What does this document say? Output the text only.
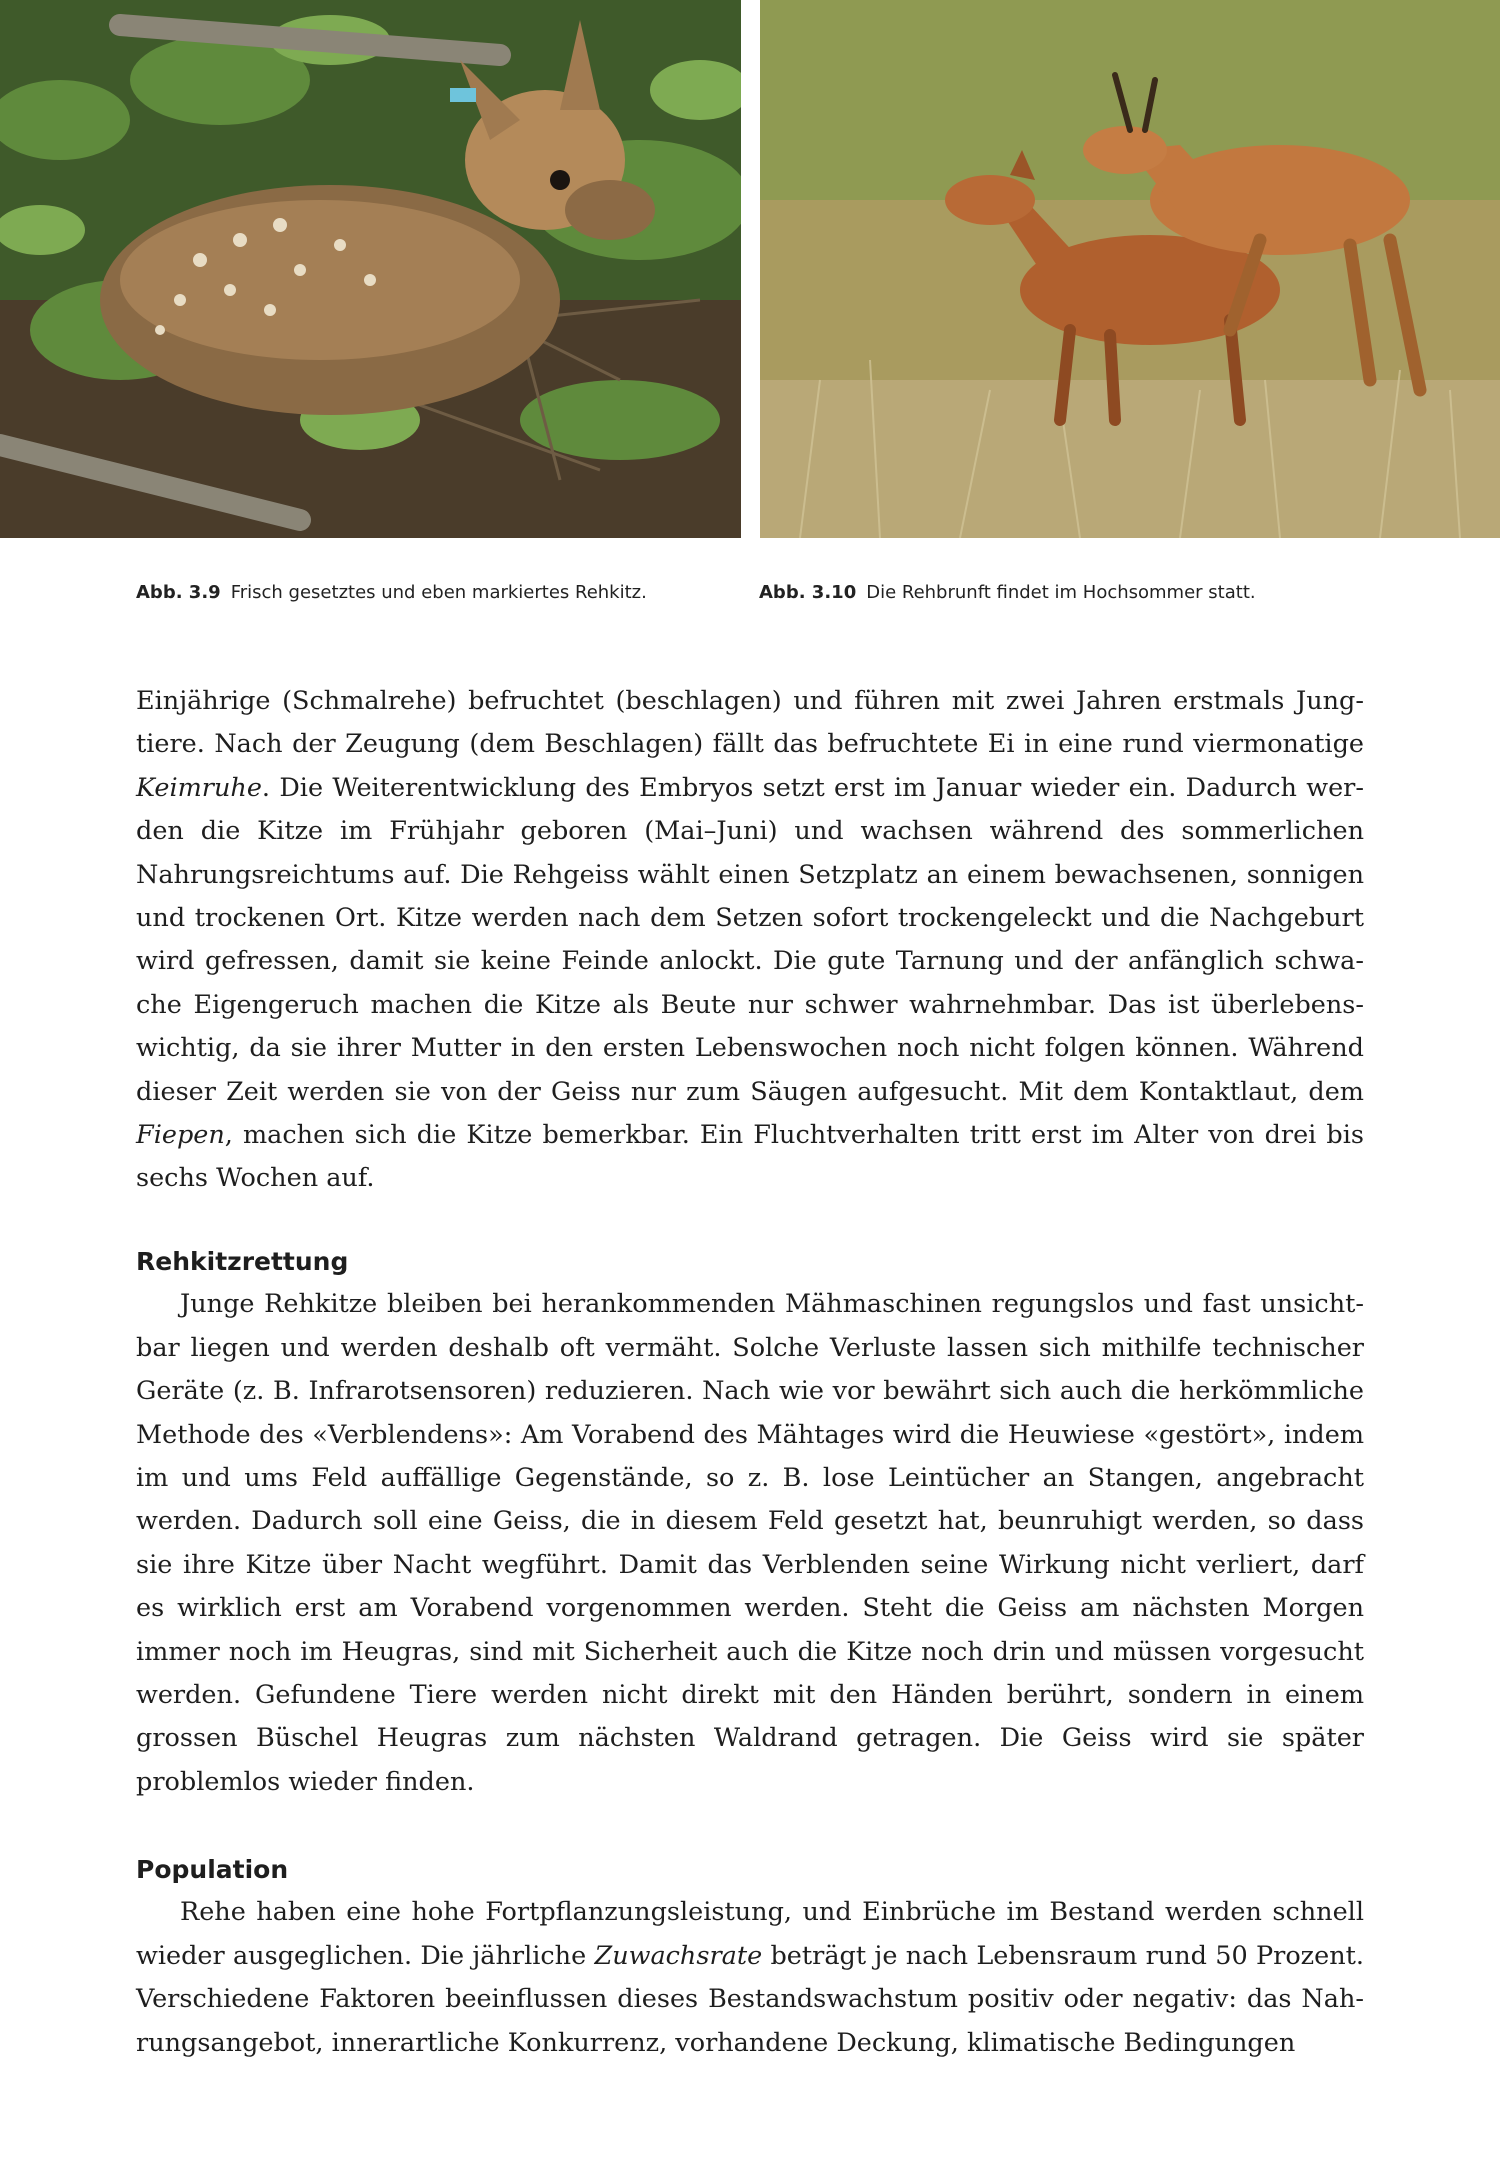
Abb. 3.9 Frisch gesetztes und eben markiertes Rehkitz.	Abb. 3.10 Die Rehbrunft findet im Hochsommer statt.

Einjährige (Schmalrehe) befruchtet (beschlagen) und führen mit zwei Jahren erstmals Jungtiere. Nach der Zeugung (dem Beschlagen) fällt das befruchtete Ei in eine rund viermonatige Keimruhe. Die Weiterentwicklung des Embryos setzt erst im Januar wieder ein. Dadurch werden die Kitze im Frühjahr geboren (Mai–Juni) und wachsen während des sommerlichen Nahrungsreichtums auf. Die Rehgeiss wählt einen Setzplatz an einem bewachsenen, sonnigen und trockenen Ort. Kitze werden nach dem Setzen sofort trockengeleckt und die Nachgeburt wird gefressen, damit sie keine Feinde anlockt. Die gute Tarnung und der anfänglich schwache Eigengeruch machen die Kitze als Beute nur schwer wahrnehmbar. Das ist überlebenswichtig, da sie ihrer Mutter in den ersten Lebenswochen noch nicht folgen können. Während dieser Zeit werden sie von der Geiss nur zum Säugen aufgesucht. Mit dem Kontaktlaut, dem Fiepen, machen sich die Kitze bemerkbar. Ein Fluchtverhalten tritt erst im Alter von drei bis sechs Wochen auf.

Rehkitzrettung

Junge Rehkitze bleiben bei herankommenden Mähmaschinen regungslos und fast unsichtbar liegen und werden deshalb oft vermäht. Solche Verluste lassen sich mithilfe technischer Geräte (z. B. Infrarotsensoren) reduzieren. Nach wie vor bewährt sich auch die herkömmliche Methode des «Verblendens»: Am Vorabend des Mähtages wird die Heuwiese «gestört», indem im und ums Feld auffällige Gegenstände, so z. B. lose Leintücher an Stangen, angebracht werden. Dadurch soll eine Geiss, die in diesem Feld gesetzt hat, beunruhigt werden, so dass sie ihre Kitze über Nacht wegführt. Damit das Verblenden seine Wirkung nicht verliert, darf es wirklich erst am Vorabend vorgenommen werden. Steht die Geiss am nächsten Morgen immer noch im Heugras, sind mit Sicherheit auch die Kitze noch drin und müssen vorgesucht werden. Gefundene Tiere werden nicht direkt mit den Händen berührt, sondern in einem grossen Büschel Heugras zum nächsten Waldrand getragen. Die Geiss wird sie später problemlos wieder finden.

Population

Rehe haben eine hohe Fortpflanzungsleistung, und Einbrüche im Bestand werden schnell wieder ausgeglichen. Die jährliche Zuwachsrate beträgt je nach Lebensraum rund 50 Prozent. Verschiedene Faktoren beeinflussen dieses Bestandswachstum positiv oder negativ: das Nahrungsangebot, innerartliche Konkurrenz, vorhandene Deckung, klimatische Bedingungen
